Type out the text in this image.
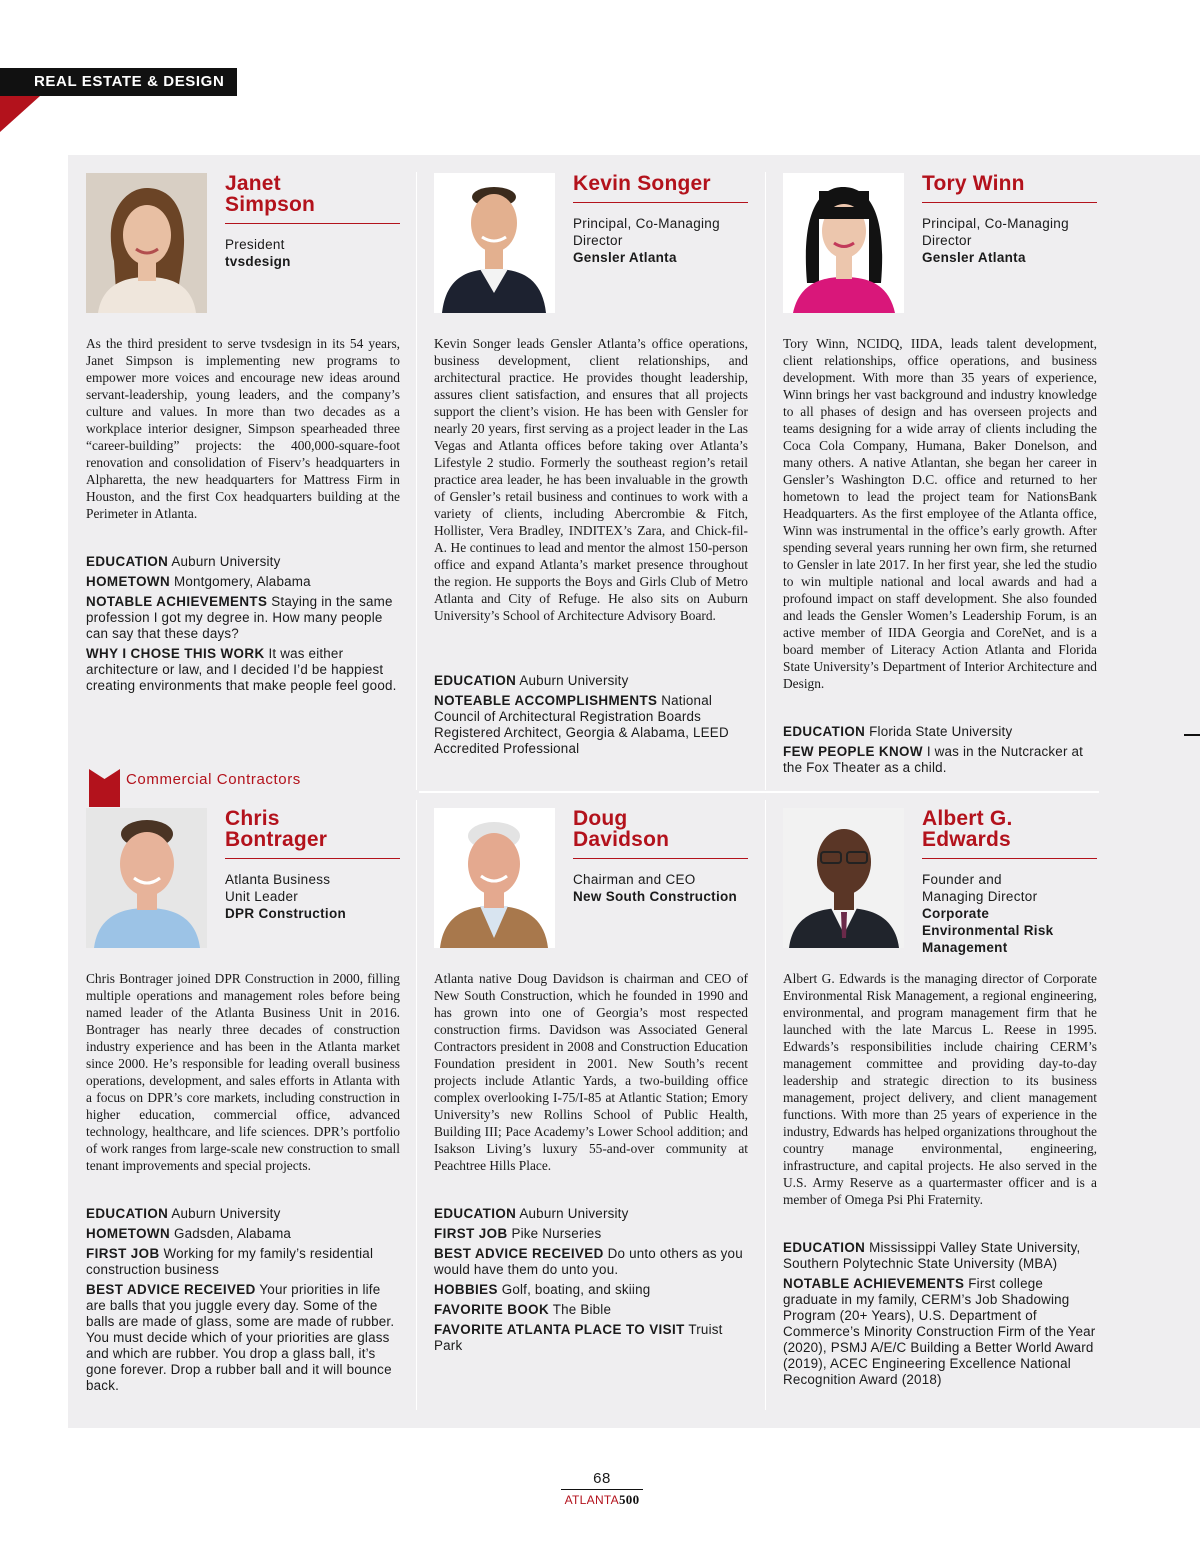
REAL ESTATE & DESIGN
Commercial Contractors

Janet Simpson

President

tvsdesign

As the third president to serve tvsdesign in its 54 years, Janet Simpson is implementing new programs to empower more voices and encourage new ideas around servant-leadership, young leaders, and the company’s culture and values. In more than two decades as a workplace interior designer, Simpson spearheaded three “career-building” projects: the 400,000-square-foot renovation and consolidation of Fiserv’s headquarters in Alpharetta, the new headquarters for Mattress Firm in Houston, and the first Cox headquarters building at the Perimeter in Atlanta.

EDUCATION Auburn University

HOMETOWN Montgomery, Alabama

NOTABLE ACHIEVEMENTS Staying in the same profession I got my degree in. How many people can say that these days?

WHY I CHOSE THIS WORK It was either architecture or law, and I decided I’d be happiest creating environments that make people feel good.

Kevin Songer

Principal, Co-Managing Director

Gensler Atlanta

Kevin Songer leads Gensler Atlanta’s office operations, business development, client relationships, and architectural practice. He provides thought leadership, assures client satisfaction, and ensures that all projects support the client’s vision. He has been with Gensler for nearly 20 years, first serving as a project leader in the Las Vegas and Atlanta offices before taking over Atlanta’s Lifestyle 2 studio. Formerly the southeast region’s retail practice area leader, he has been invaluable in the growth of Gensler’s retail business and continues to work with a variety of clients, including Abercrombie & Fitch, Hollister, Vera Bradley, INDITEX’s Zara, and Chick-fil-A. He continues to lead and mentor the almost 150-person office and expand Atlanta’s market presence throughout the region. He supports the Boys and Girls Club of Metro Atlanta and City of Refuge. He also sits on Auburn University’s School of Architecture Advisory Board.

EDUCATION Auburn University

NOTEABLE ACCOMPLISHMENTS National Council of Architectural Registration Boards Registered Architect, Georgia & Alabama, LEED Accredited Professional

Tory Winn

Principal, Co-Managing Director

Gensler Atlanta

Tory Winn, NCIDQ, IIDA, leads talent development, client relationships, office operations, and business development. With more than 35 years of experience, Winn brings her vast background and industry knowledge to all phases of design and has overseen projects and teams designing for a wide array of clients including the Coca Cola Company, Humana, Baker Donelson, and many others. A native Atlantan, she began her career in Gensler’s Washington D.C. office and returned to her hometown to lead the project team for NationsBank Headquarters. As the first employee of the Atlanta office, Winn was instrumental in the office’s early growth. After spending several years running her own firm, she returned to Gensler in late 2017. In her first year, she led the studio to win multiple national and local awards and had a profound impact on staff development. She also founded and leads the Gensler Women’s Leadership Forum, is an active member of IIDA Georgia and CoreNet, and is a board member of Literacy Action Atlanta and Florida State University’s Department of Interior Architecture and Design.

EDUCATION Florida State University

FEW PEOPLE KNOW I was in the Nutcracker at the Fox Theater as a child.

Chris Bontrager

Atlanta Business Unit Leader

DPR Construction

Chris Bontrager joined DPR Construction in 2000, filling multiple operations and management roles before being named leader of the Atlanta Business Unit in 2016. Bontrager has nearly three decades of construction industry experience and has been in the Atlanta market since 2000. He’s responsible for leading overall business operations, development, and sales efforts in Atlanta with a focus on DPR’s core markets, including construction in higher education, commercial office, advanced technology, healthcare, and life sciences. DPR’s portfolio of work ranges from large-scale new construction to small tenant improvements and special projects.

EDUCATION Auburn University

HOMETOWN Gadsden, Alabama

FIRST JOB Working for my family’s residential construction business

BEST ADVICE RECEIVED Your priorities in life are balls that you juggle every day. Some of the balls are made of glass, some are made of rubber. You must decide which of your priorities are glass and which are rubber. You drop a glass ball, it’s gone forever. Drop a rubber ball and it will bounce back.

Doug Davidson

Chairman and CEO

New South Construction

Atlanta native Doug Davidson is chairman and CEO of New South Construction, which he founded in 1990 and has grown into one of Georgia’s most respected construction firms. Davidson was Associated General Contractors president in 2008 and Construction Education Foundation president in 2001. New South’s recent projects include Atlantic Yards, a two-building office complex overlooking I-75/I-85 at Atlantic Station; Emory University’s new Rollins School of Public Health, Building III; Pace Academy’s Lower School addition; and Isakson Living’s luxury 55-and-over community at Peachtree Hills Place.

EDUCATION Auburn University

FIRST JOB Pike Nurseries

BEST ADVICE RECEIVED Do unto others as you would have them do unto you.

HOBBIES Golf, boating, and skiing

FAVORITE BOOK The Bible

FAVORITE ATLANTA PLACE TO VISIT Truist Park

Albert G. Edwards

Founder and Managing Director

Corporate Environmental Risk Management

Albert G. Edwards is the managing director of Corporate Environmental Risk Management, a regional engineering, environmental, and program management firm that he launched with the late Marcus L. Reese in 1995. Edwards’s responsibilities include chairing CERM’s management committee and providing day-to-day leadership and strategic direction to its business management, project delivery, and client management functions. With more than 25 years of experience in the industry, Edwards has helped organizations throughout the country manage environmental, engineering, infrastructure, and capital projects. He also served in the U.S. Army Reserve as a quartermaster officer and is a member of Omega Psi Phi Fraternity.

EDUCATION Mississippi Valley State University, Southern Polytechnic State University (MBA)

NOTABLE ACHIEVEMENTS First college graduate in my family, CERM’s Job Shadowing Program (20+ Years), U.S. Department of Commerce’s Minority Construction Firm of the Year (2020), PSMJ A/E/C Building a Better World Award (2019), ACEC Engineering Excellence National Recognition Award (2018)

68
ATLANTA500
